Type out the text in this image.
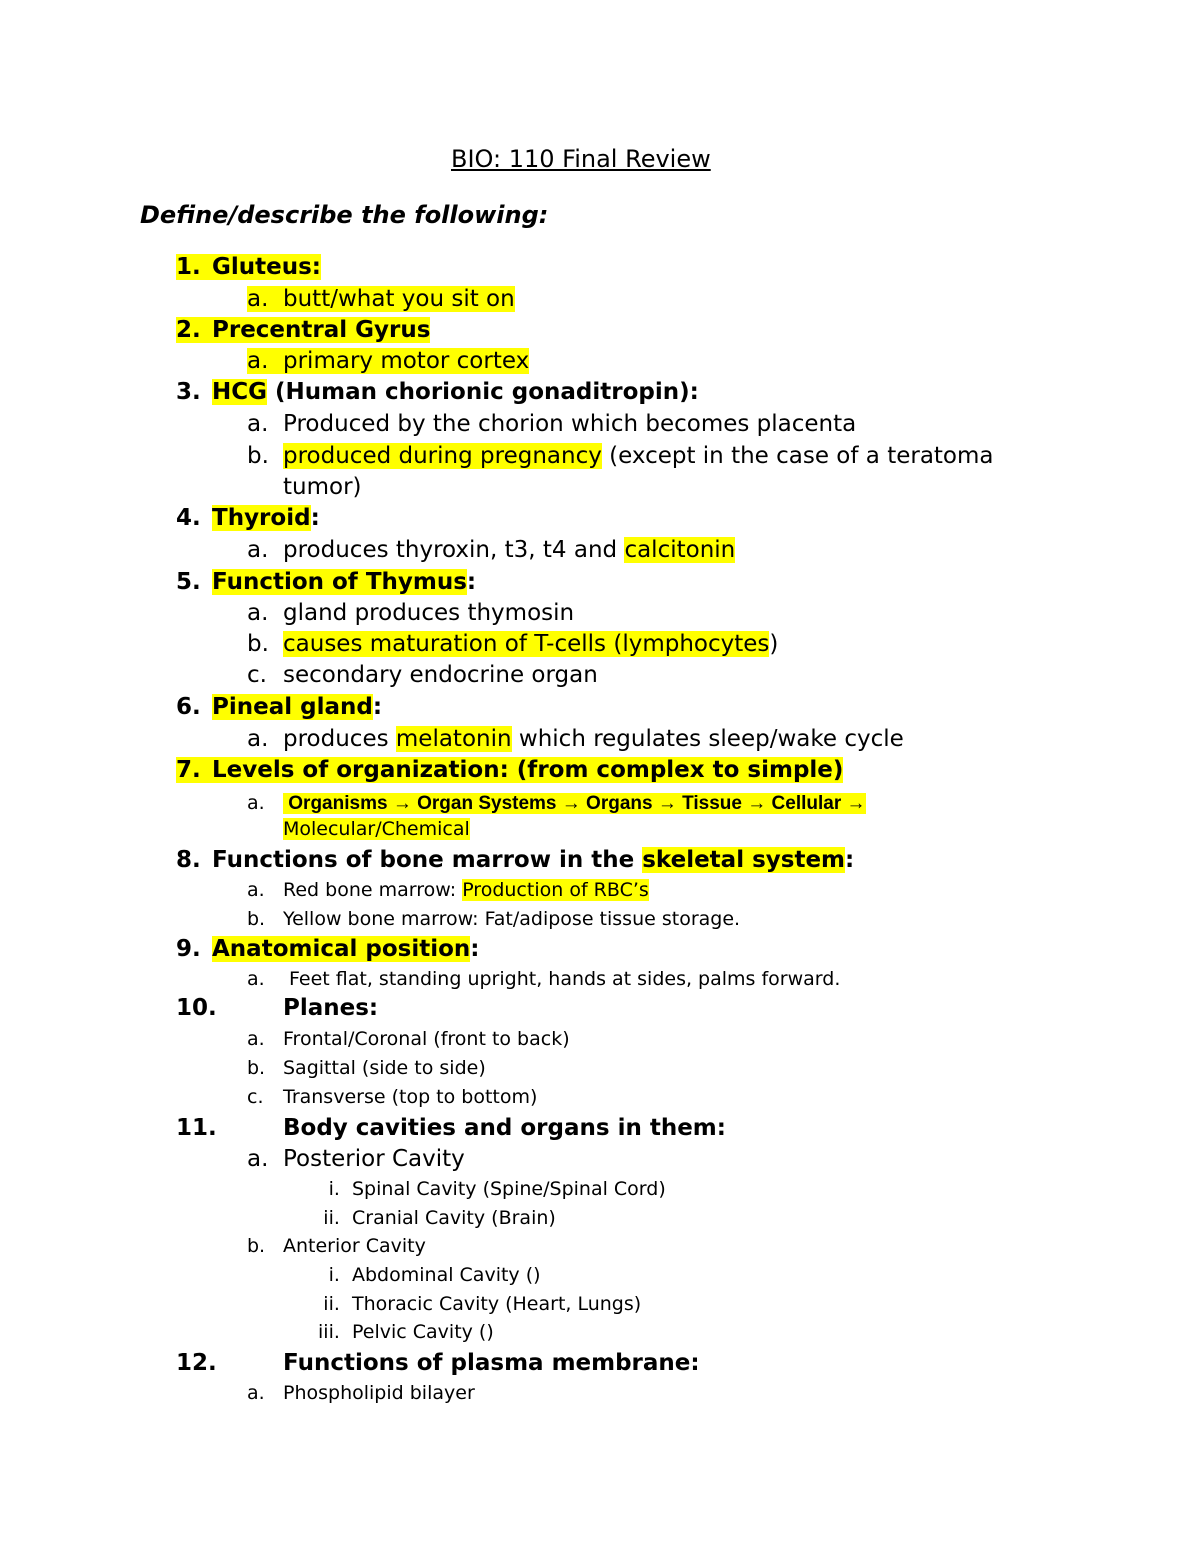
BIO: 110 Final Review
Define/describe the following:
1. Gluteus:
a. butt/what you sit on
2. Precentral Gyrus
a. primary motor cortex
3. HCG (Human chorionic gonaditropin):
a. Produced by the chorion which becomes placenta
b. produced during pregnancy (except in the case of a teratoma
tumor)
4. Thyroid:
a. produces thyroxin, t3, t4 and calcitonin
5. Function of Thymus:
a. gland produces thymosin
b. causes maturation of T-cells (lymphocytes)
c. secondary endocrine organ
6. Pineal gland:
a. produces melatonin which regulates sleep/wake cycle
7. Levels of organization: (from complex to simple)
a. Organisms → Organ Systems → Organs → Tissue → Cellular →
Molecular/Chemical
8. Functions of bone marrow in the skeletal system:
a. Red bone marrow: Production of RBC’s
b. Yellow bone marrow: Fat/adipose tissue storage.
9. Anatomical position:
a. Feet flat, standing upright, hands at sides, palms forward.
10.	Planes:
a. Frontal/Coronal (front to back)
b. Sagittal (side to side)
c. Transverse (top to bottom)
11.	Body cavities and organs in them:
a. Posterior Cavity
i. Spinal Cavity (Spine/Spinal Cord)
ii. Cranial Cavity (Brain)
b. Anterior Cavity
i. Abdominal Cavity ()
ii. Thoracic Cavity (Heart, Lungs)
iii. Pelvic Cavity ()
12.	Functions of plasma membrane:
a. Phospholipid bilayer
